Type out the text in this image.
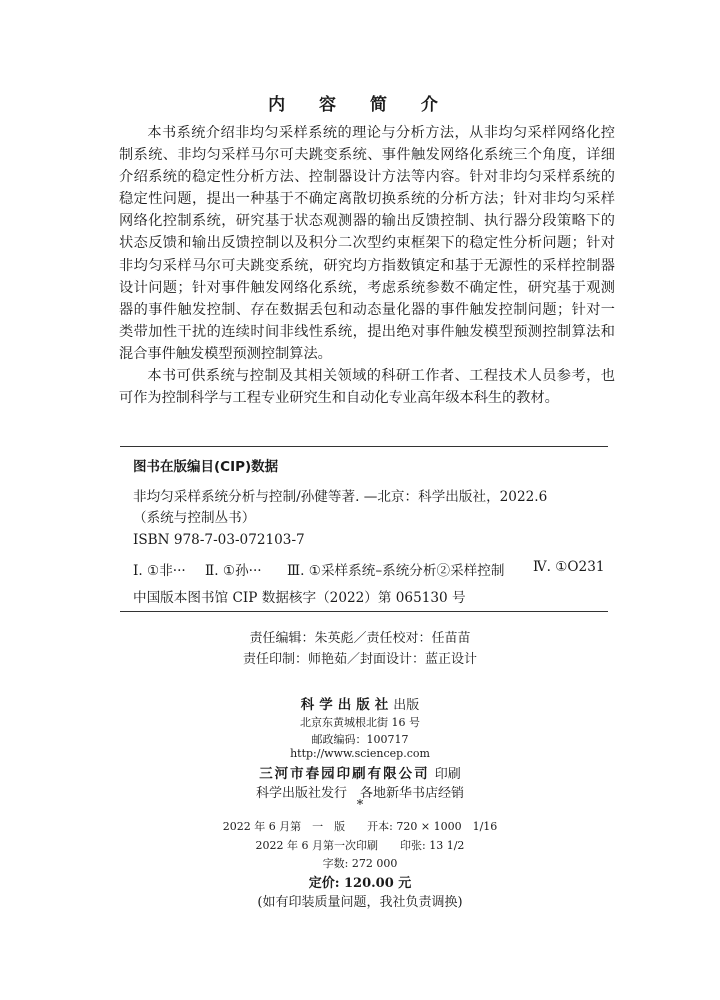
内 容 简 介

本书系统介绍非均匀采样系统的理论与分析方法，从非均匀采样网络化控制系统、非均匀采样马尔可夫跳变系统、事件触发网络化系统三个角度，详细介绍系统的稳定性分析方法、控制器设计方法等内容。针对非均匀采样系统的稳定性问题，提出一种基于不确定离散切换系统的分析方法；针对非均匀采样网络化控制系统，研究基于状态观测器的输出反馈控制、执行器分段策略下的状态反馈和输出反馈控制以及积分二次型约束框架下的稳定性分析问题；针对非均匀采样马尔可夫跳变系统，研究均方指数镇定和基于无源性的采样控制器设计问题；针对事件触发网络化系统，考虑系统参数不确定性，研究基于观测器的事件触发控制、存在数据丢包和动态量化器的事件触发控制问题；针对一类带加性干扰的连续时间非线性系统，提出绝对事件触发模型预测控制算法和混合事件触发模型预测控制算法。

本书可供系统与控制及其相关领域的科研工作者、工程技术人员参考，也可作为控制科学与工程专业研究生和自动化专业高年级本科生的教材。

图书在版编目(CIP)数据
非均匀采样系统分析与控制/孙健等著. —北京：科学出版社，2022.6
（系统与控制丛书）
ISBN 978-7-03-072103-7
Ⅰ. ①非··· Ⅱ. ①孙··· Ⅲ. ①采样系统–系统分析②采样控制 Ⅳ. ①O231
中国版本图书馆 CIP 数据核字（2022）第 065130 号
责任编辑：朱英彪／责任校对：任苗苗
责任印制：师艳茹／封面设计：蓝正设计
科学出版社出版
北京东黄城根北街 16 号
邮政编码：100717
http://www.sciencep.com
三河市春园印刷有限公司 印刷
科学出版社发行　各地新华书店经销
*
2022 年 6 月第　一　版　　开本: 720 × 1000　1/16
2022 年 6 月第一次印刷　　印张: 13 1/2
字数: 272 000
定价: 120.00 元
(如有印装质量问题，我社负责调换)
